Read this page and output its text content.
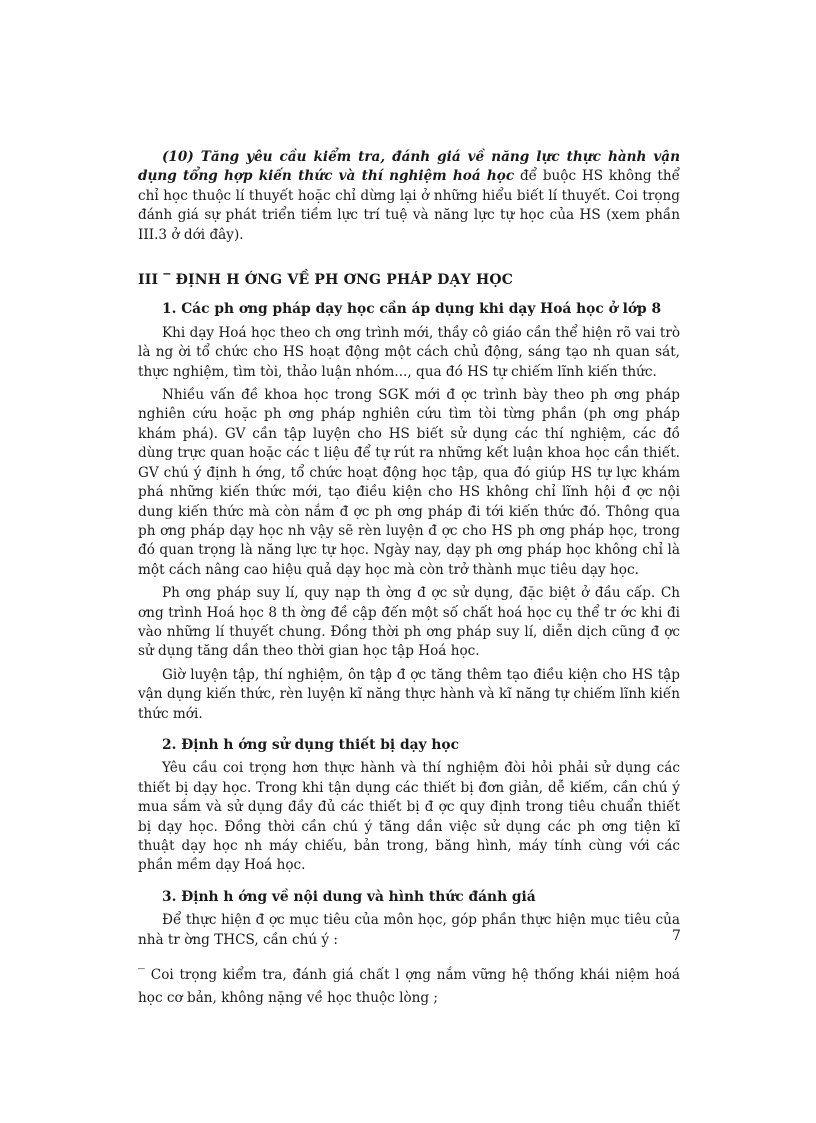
(10) Tăng yêu cầu kiểm tra, đánh giá về năng lực thực hành vận dụng tổng hợp kiến thức và thí nghiệm hoá học để buộc HS không thể chỉ học thuộc lí thuyết hoặc chỉ dừng lại ở những hiểu biết lí thuyết. Coi trọng đánh giá sự phát triển tiềm lực trí tuệ và năng lực tự học của HS (xem phần III.3 ở dới đây).

III ‾ ĐỊNH H ỚNG VỀ PH ƠNG PHÁP DẠY HỌC
1. Các ph ơng pháp dạy học cần áp dụng khi dạy Hoá học ở lớp 8

Khi dạy Hoá học theo ch ơng trình mới, thầy cô giáo cần thể hiện rõ vai trò là ng ời tổ chức cho HS hoạt động một cách chủ động, sáng tạo nh quan sát, thực nghiệm, tìm tòi, thảo luận nhóm..., qua đó HS tự chiếm lĩnh kiến thức.

Nhiều vấn đề khoa học trong SGK mới đ ợc trình bày theo ph ơng pháp nghiên cứu hoặc ph ơng pháp nghiên cứu tìm tòi từng phần (ph ơng pháp khám phá). GV cần tập luyện cho HS biết sử dụng các thí nghiệm, các đồ dùng trực quan hoặc các t liệu để tự rút ra những kết luận khoa học cần thiết. GV chú ý định h ớng, tổ chức hoạt động học tập, qua đó giúp HS tự lực khám phá những kiến thức mới, tạo điều kiện cho HS không chỉ lĩnh hội đ ợc nội dung kiến thức mà còn nắm đ ợc ph ơng pháp đi tới kiến thức đó. Thông qua ph ơng pháp dạy học nh vậy sẽ rèn luyện đ ợc cho HS ph ơng pháp học, trong đó quan trọng là năng lực tự học. Ngày nay, dạy ph ơng pháp học không chỉ là một cách nâng cao hiệu quả dạy học mà còn trở thành mục tiêu dạy học.

Ph ơng pháp suy lí, quy nạp th ờng đ ợc sử dụng, đặc biệt ở đầu cấp. Ch ơng trình Hoá học 8 th ờng đề cập đến một số chất hoá học cụ thể tr ớc khi đi vào những lí thuyết chung. Đồng thời ph ơng pháp suy lí, diễn dịch cũng đ ợc sử dụng tăng dần theo thời gian học tập Hoá học.

Giờ luyện tập, thí nghiệm, ôn tập đ ợc tăng thêm tạo điều kiện cho HS tập vận dụng kiến thức, rèn luyện kĩ năng thực hành và kĩ năng tự chiếm lĩnh kiến thức mới.

2. Định h ớng sử dụng thiết bị dạy học

Yêu cầu coi trọng hơn thực hành và thí nghiệm đòi hỏi phải sử dụng các thiết bị dạy học. Trong khi tận dụng các thiết bị đơn giản, dễ kiếm, cần chú ý mua sắm và sử dụng đầy đủ các thiết bị đ ợc quy định trong tiêu chuẩn thiết bị dạy học. Đồng thời cần chú ý tăng dần việc sử dụng các ph ơng tiện kĩ thuật dạy học nh máy chiếu, bản trong, băng hình, máy tính cùng với các phần mềm dạy Hoá học.

3. Định h ớng về nội dung và hình thức đánh giá

Để thực hiện đ ợc mục tiêu của môn học, góp phần thực hiện mục tiêu của nhà tr ờng THCS, cần chú ý :

‾ Coi trọng kiểm tra, đánh giá chất l ợng nắm vững hệ thống khái niệm hoá học cơ bản, không nặng về học thuộc lòng ;

7
